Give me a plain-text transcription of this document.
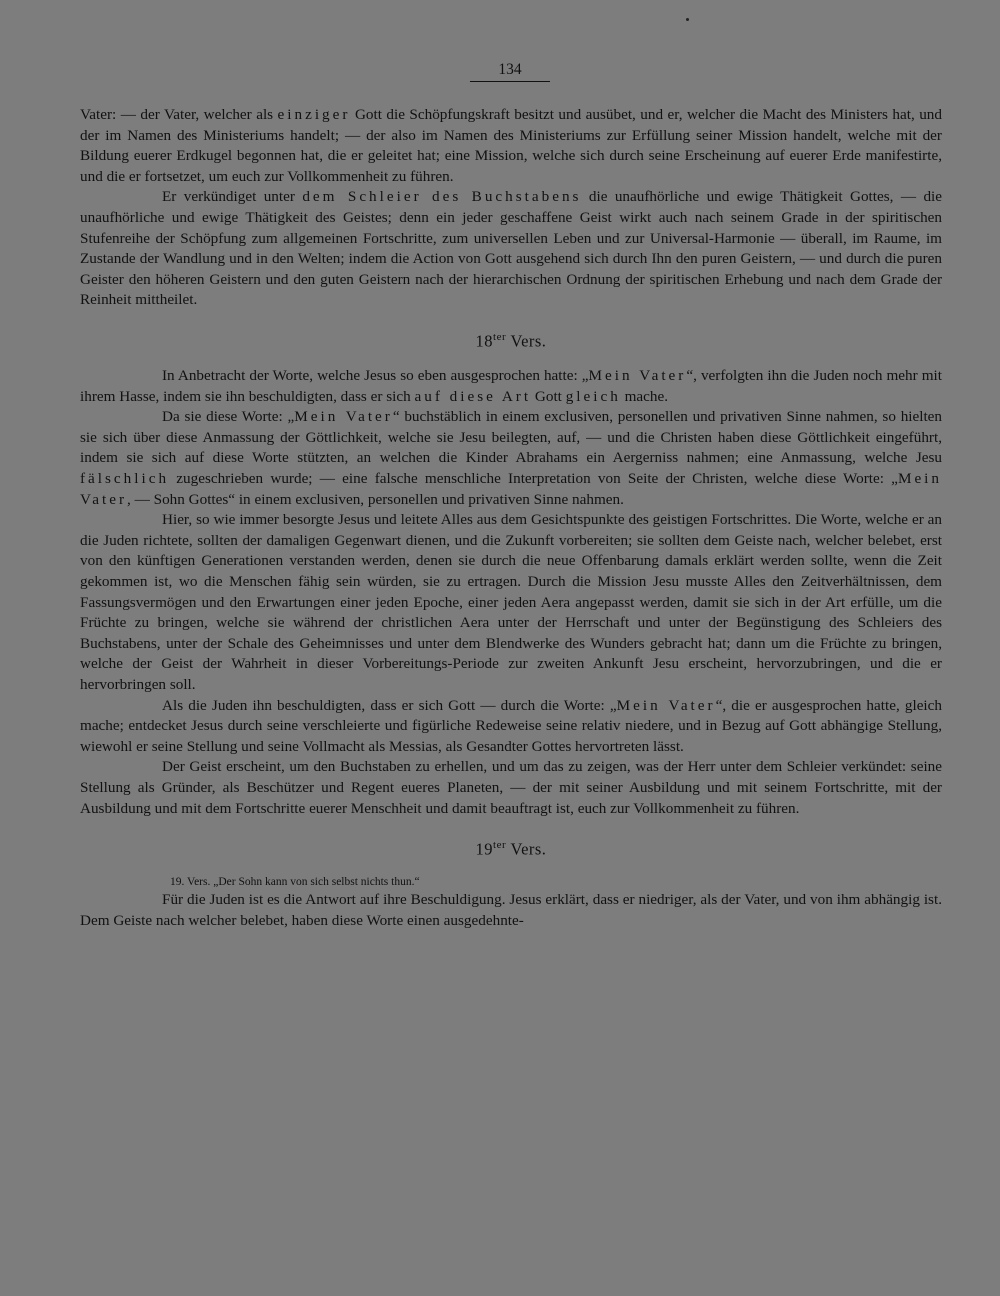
134

Vater: — der Vater, welcher als einziger Gott die Schöpfungskraft besitzt und ausübet, und er, welcher die Macht des Ministers hat, und der im Namen des Ministeriums handelt; — der also im Namen des Ministeriums zur Erfüllung seiner Mission handelt, welche mit der Bildung euerer Erdkugel begonnen hat, die er geleitet hat; eine Mission, welche sich durch seine Erscheinung auf euerer Erde manifestirte, und die er fortsetzet, um euch zur Vollkommenheit zu führen.

Er verkündiget unter dem Schleier des Buchstabens die unaufhörliche und ewige Thätigkeit Gottes, — die unaufhörliche und ewige Thätigkeit des Geistes; denn ein jeder geschaffene Geist wirkt auch nach seinem Grade in der spiritischen Stufenreihe der Schöpfung zum allgemeinen Fortschritte, zum universellen Leben und zur Universal-Harmonie — überall, im Raume, im Zustande der Wandlung und in den Welten; indem die Action von Gott ausgehend sich durch Ihn den puren Geistern, — und durch die puren Geister den höheren Geistern und den guten Geistern nach der hierarchischen Ordnung der spiritischen Erhebung und nach dem Grade der Reinheit mittheilet.

$18^{ter}$ Vers.

In Anbetracht der Worte, welche Jesus so eben ausgesprochen hatte: „Mein Vater“, verfolgten ihn die Juden noch mehr mit ihrem Hasse, indem sie ihn beschuldigten, dass er sich auf diese Art Gott gleich mache.

Da sie diese Worte: „Mein Vater“ buchstäblich in einem exclusiven, personellen und privativen Sinne nahmen, so hielten sie sich über diese Anmassung der Göttlichkeit, welche sie Jesu beilegten, auf, — und die Christen haben diese Göttlichkeit eingeführt, indem sie sich auf diese Worte stützten, an welchen die Kinder Abrahams ein Aergerniss nahmen; eine Anmassung, welche Jesu fälschlich zugeschrieben wurde; — eine falsche menschliche Interpretation von Seite der Christen, welche diese Worte: „Mein Vater, — Sohn Gottes“ in einem exclusiven, personellen und privativen Sinne nahmen.

Hier, so wie immer besorgte Jesus und leitete Alles aus dem Gesichtspunkte des geistigen Fortschrittes. Die Worte, welche er an die Juden richtete, sollten der damaligen Gegenwart dienen, und die Zukunft vorbereiten; sie sollten dem Geiste nach, welcher belebet, erst von den künftigen Generationen verstanden werden, denen sie durch die neue Offenbarung damals erklärt werden sollte, wenn die Zeit gekommen ist, wo die Menschen fähig sein würden, sie zu ertragen. Durch die Mission Jesu musste Alles den Zeitverhältnissen, dem Fassungsvermögen und den Erwartungen einer jeden Epoche, einer jeden Aera angepasst werden, damit sie sich in der Art erfülle, um die Früchte zu bringen, welche sie während der christlichen Aera unter der Herrschaft und unter der Begünstigung des Schleiers des Buchstabens, unter der Schale des Geheimnisses und unter dem Blendwerke des Wunders gebracht hat; dann um die Früchte zu bringen, welche der Geist der Wahrheit in dieser Vorbereitungs-Periode zur zweiten Ankunft Jesu erscheint, hervorzubringen, und die er hervorbringen soll.

Als die Juden ihn beschuldigten, dass er sich Gott — durch die Worte: „Mein Vater“, die er ausgesprochen hatte, gleich mache; entdecket Jesus durch seine verschleierte und figürliche Redeweise seine relativ niedere, und in Bezug auf Gott abhängige Stellung, wiewohl er seine Stellung und seine Vollmacht als Messias, als Gesandter Gottes hervortreten lässt.

Der Geist erscheint, um den Buchstaben zu erhellen, und um das zu zeigen, was der Herr unter dem Schleier verkündet: seine Stellung als Gründer, als Beschützer und Regent eueres Planeten, — der mit seiner Ausbildung und mit seinem Fortschritte, mit der Ausbildung und mit dem Fortschritte euerer Menschheit und damit beauftragt ist, euch zur Vollkommenheit zu führen.

$19^{ter}$ Vers.
19. Vers. „Der Sohn kann von sich selbst nichts thun.“

Für die Juden ist es die Antwort auf ihre Beschuldigung. Jesus erklärt, dass er niedriger, als der Vater, und von ihm abhängig ist. Dem Geiste nach welcher belebet, haben diese Worte einen ausgedehnte-
